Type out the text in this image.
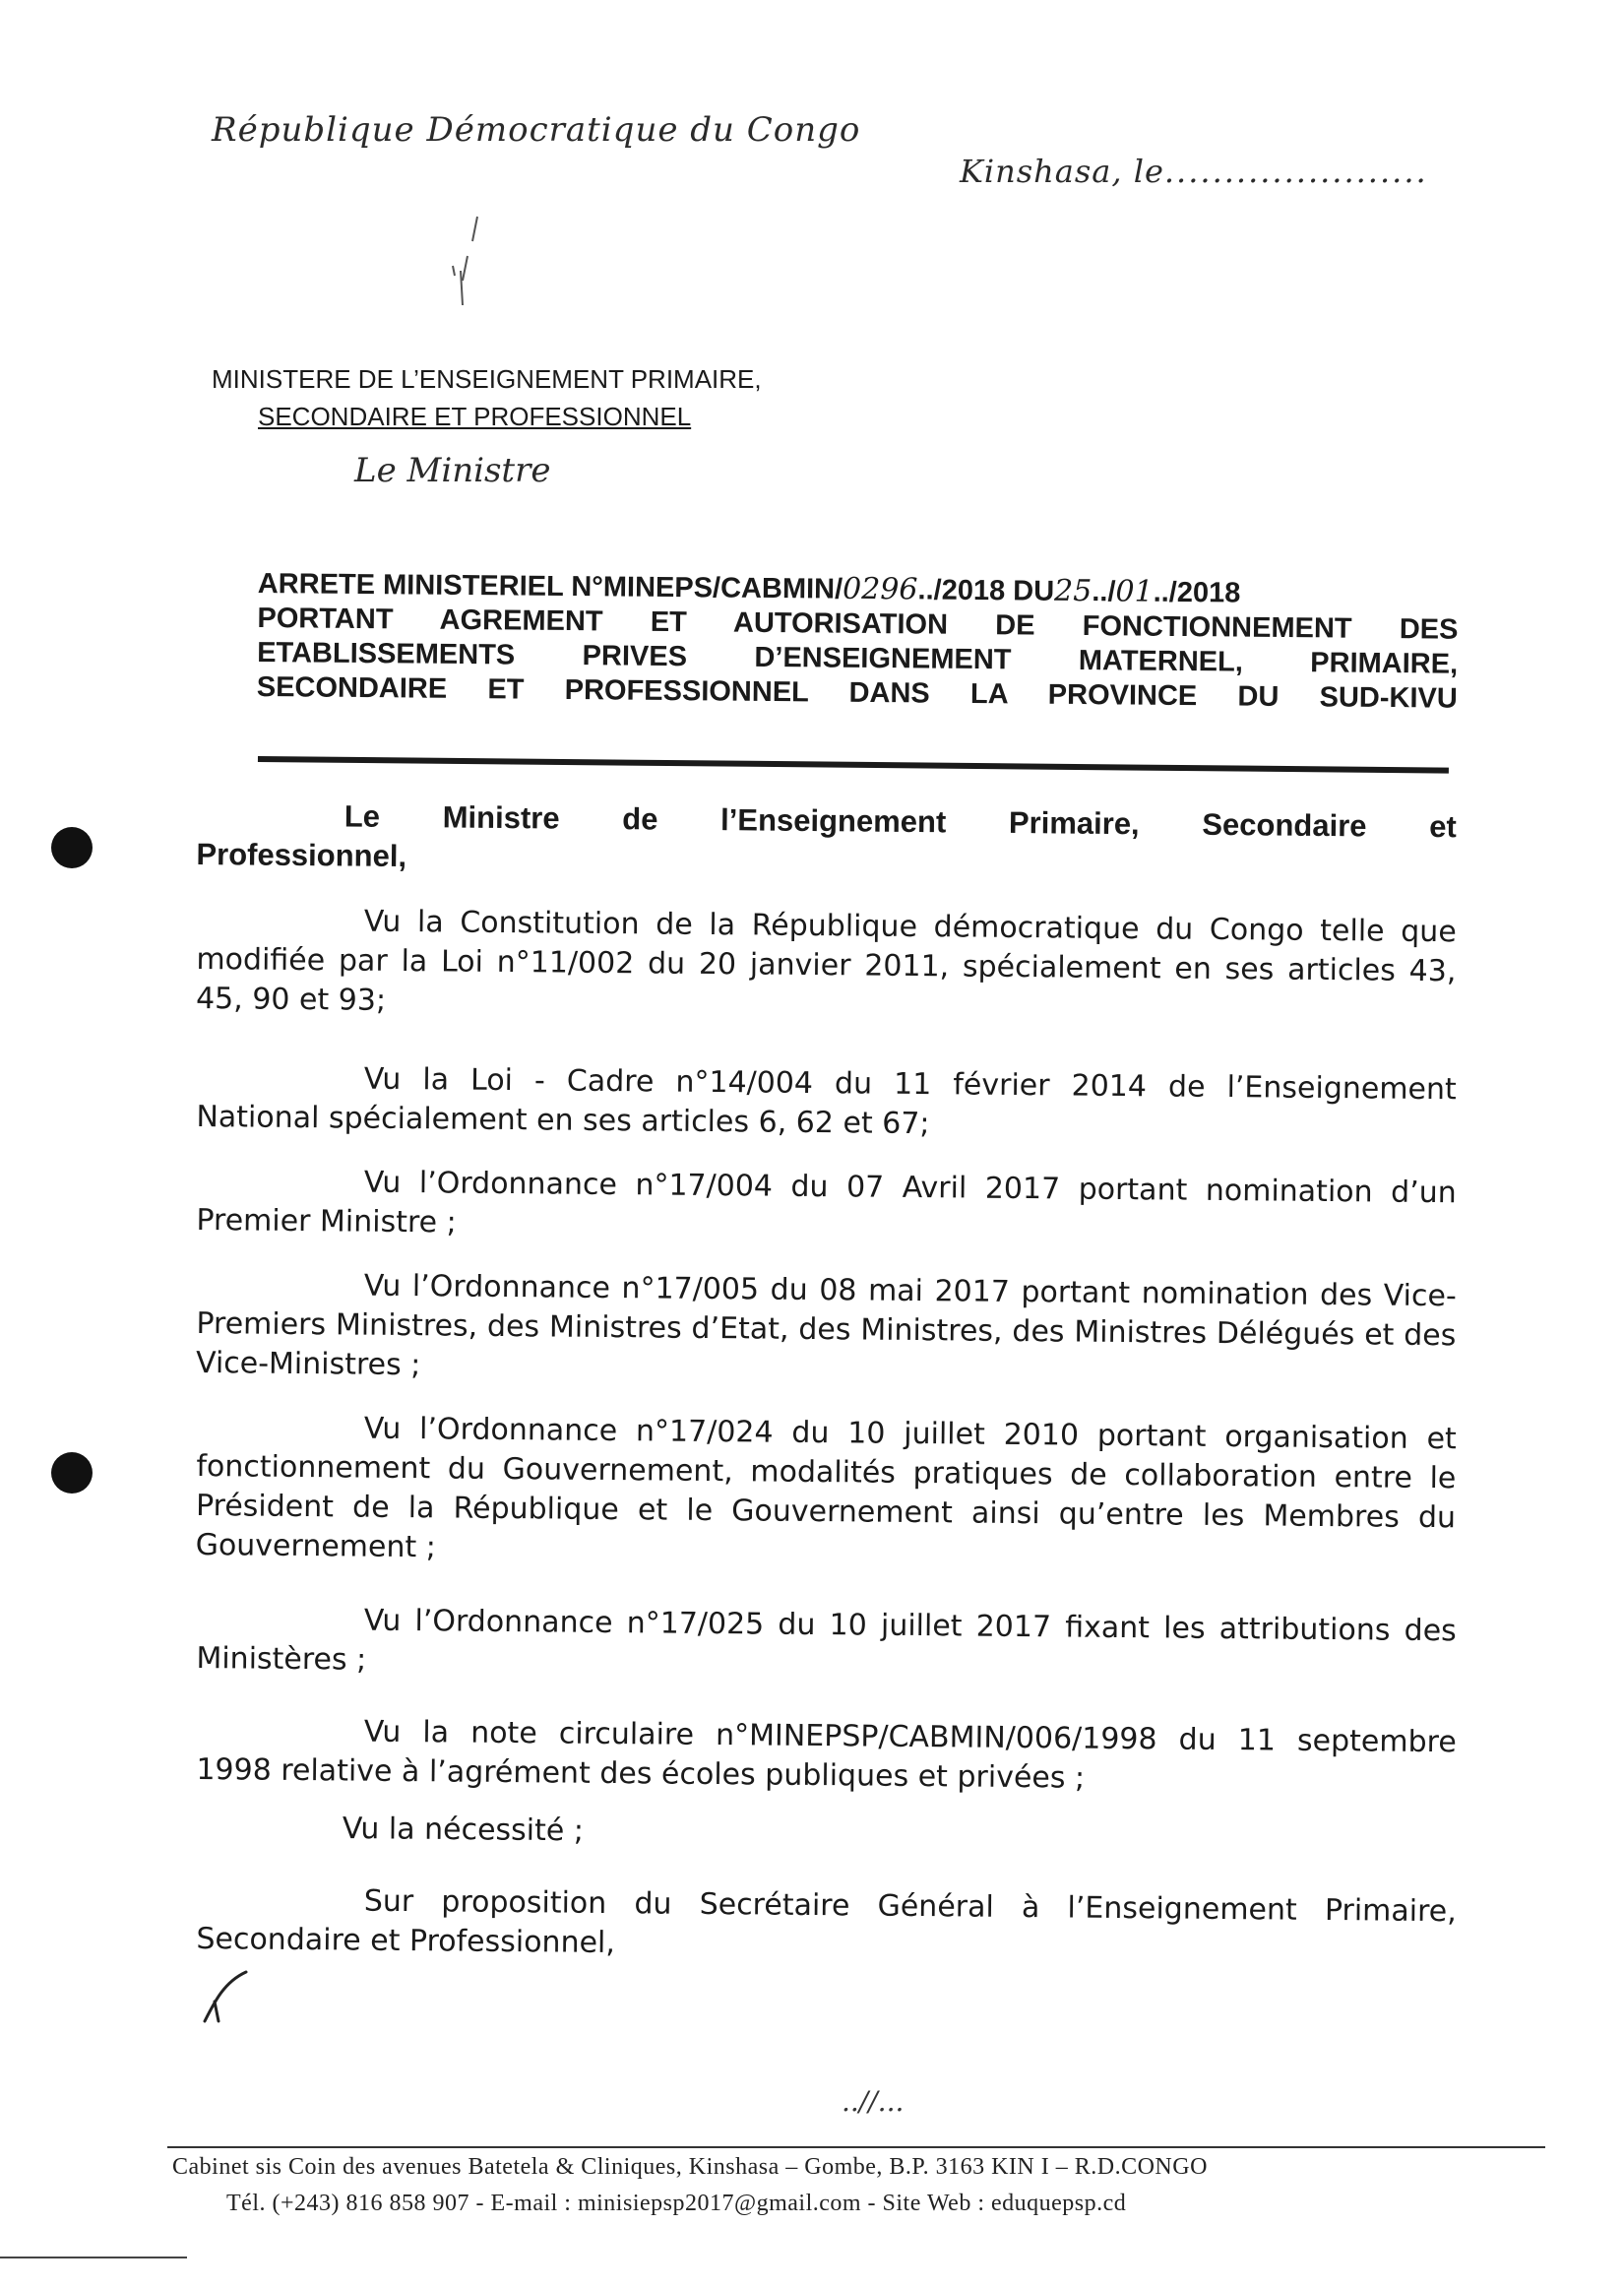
République Démocratique du Congo
Kinshasa, le......................
MINISTERE DE L’ENSEIGNEMENT PRIMAIRE,
SECONDAIRE ET PROFESSIONNEL
Le Ministre
ARRETE MINISTERIEL N°MINEPS/CABMIN/0296../2018 DU25../01../2018
PORTANT AGREMENT ET AUTORISATION DE FONCTIONNEMENT DES
ETABLISSEMENTS PRIVES D’ENSEIGNEMENT MATERNEL, PRIMAIRE,
SECONDAIRE ET PROFESSIONNEL DANS LA PROVINCE DU SUD-KIVU
Le Ministre de l’Enseignement Primaire, Secondaire et
Professionnel,
Vu la Constitution de la République démocratique du Congo telle que
modifiée par la Loi n°11/002 du 20 janvier 2011, spécialement en ses articles 43, 45, 90 et 93;
Vu la Loi - Cadre n°14/004 du 11 février 2014 de l’Enseignement
National spécialement en ses articles 6, 62 et 67;
Vu l’Ordonnance n°17/004 du 07 Avril 2017 portant nomination d’un
Premier Ministre ;
Vu l’Ordonnance n°17/005 du 08 mai 2017 portant nomination des Vice-
Premiers Ministres, des Ministres d’Etat, des Ministres, des Ministres Délégués et des Vice-Ministres ;
Vu l’Ordonnance n°17/024 du 10 juillet 2010 portant organisation et
fonctionnement du Gouvernement, modalités pratiques de collaboration entre le Président de la République et le Gouvernement ainsi qu’entre les Membres du Gouvernement ;
Vu l’Ordonnance n°17/025 du 10 juillet 2017 fixant les attributions des
Ministères ;
Vu la note circulaire n°MINEPSP/CABMIN/006/1998 du 11 septembre
1998 relative à l’agrément des écoles publiques et privées ;
Vu la nécessité ;
Sur proposition du Secrétaire Général à l’Enseignement Primaire,
Secondaire et Professionnel,
..//...
Cabinet sis Coin des avenues Batetela & Cliniques, Kinshasa – Gombe, B.P. 3163 KIN I – R.D.CONGO
Tél. (+243) 816 858 907 - E-mail : minisiepsp2017@gmail.com - Site Web : eduquepsp.cd
